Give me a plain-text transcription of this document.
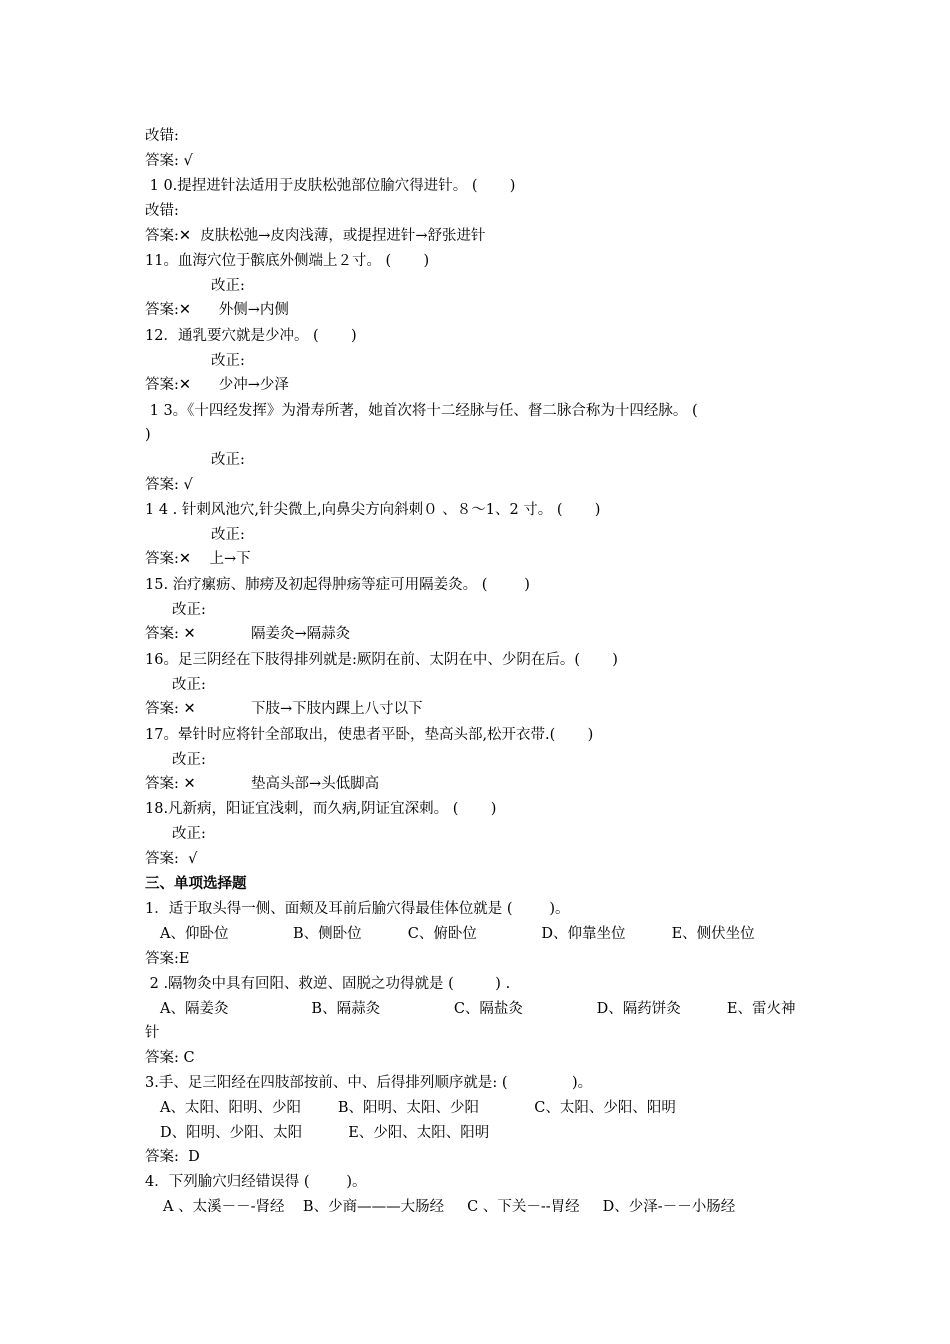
改错:
答案: √
1 0.提捏进针法适用于皮肤松弛部位腧穴得进针。 (       )
改错:
答案:✕  皮肤松弛→皮肉浅薄，或提捏进针→舒张进针
11。血海穴位于髌底外侧端上２寸。 (       )
改正:
答案:✕      外侧→内侧
12．通乳要穴就是少冲。 (       )
改正:
答案:✕      少冲→少泽
1 3。《十四经发挥》为滑寿所著，她首次将十二经脉与任、督二脉合称为十四经脉。 (
)
改正:
答案: √
1 4 . 针刺风池穴,针尖微上,向鼻尖方向斜刺０ 、８～1、2 寸。 (       )
改正:
答案:✕    上→下
15. 治疗瘰疬、肺痨及初起得肿疡等症可用隔姜灸。 (        )
改正:
答案: ✕            隔姜灸→隔蒜灸
16。足三阴经在下肢得排列就是:厥阴在前、太阴在中、少阴在后。(       )
改正:
答案: ✕            下肢→下肢内踝上八寸以下
17。晕针时应将针全部取出，使患者平卧，垫高头部,松开衣带.(       )
改正:
答案: ✕            垫高头部→头低脚高
18.凡新病，阳证宜浅刺，而久病,阴证宜深刺。 (       )
改正:
答案:  √
三、单项选择题
1．适于取头得一侧、面颊及耳前后腧穴得最佳体位就是 (        )。
A、仰卧位              B、侧卧位          C、俯卧位              D、仰靠坐位          E、侧伏坐位
答案:E
2 .隔物灸中具有回阳、救逆、固脱之功得就是 (         ) .
A、隔姜灸                  B、隔蒜灸                C、隔盐灸                D、隔药饼灸          E、雷火神
针
答案: C
3.手、足三阳经在四肢部按前、中、后得排列顺序就是: (              )。
A、太阳、阳明、少阳        B、阳明、太阳、少阳            C、太阳、少阳、阳明
D、阳明、少阳、太阳          E、少阳、太阳、阳明
答案:  D
4．下列腧穴归经错误得 (        )。
A 、太溪－－-肾经    B、少商———大肠经     C 、下关－--胃经     D、少泽-－－小肠经
